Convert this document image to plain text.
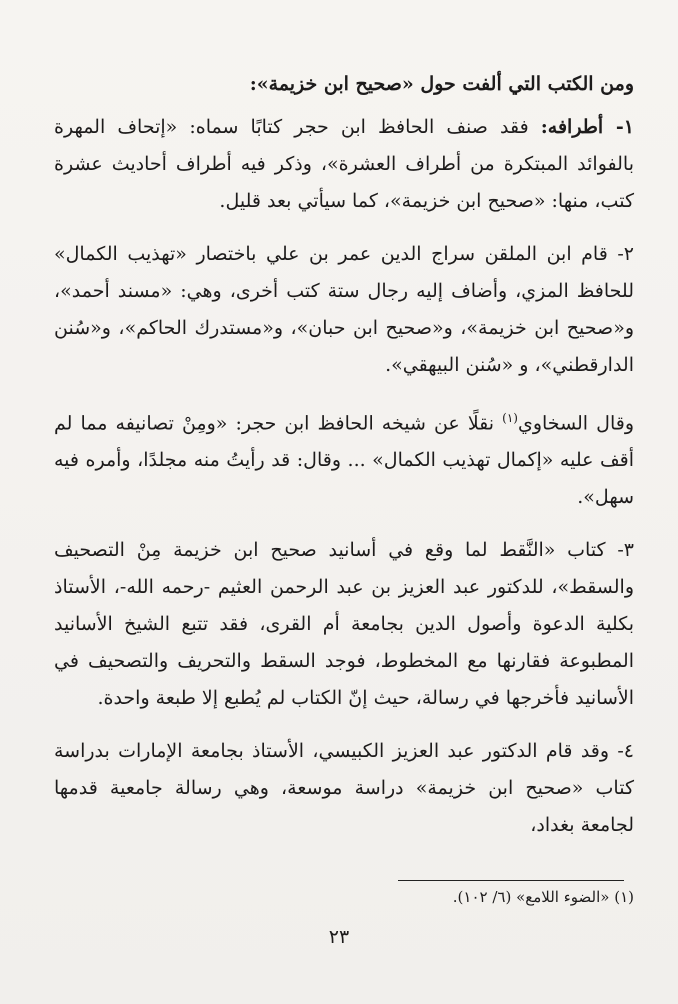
ومن الكتب التي ألفت حول «صحيح ابن خزيمة»:

١- أطرافه: فقد صنف الحافظ ابن حجر كتابًا سماه: «إتحاف المهرة بالفوائد المبتكرة من أطراف العشرة»، وذكر فيه أطراف أحاديث عشرة كتب، منها: «صحيح ابن خزيمة»، كما سيأتي بعد قليل.

٢- قام ابن الملقن سراج الدين عمر بن علي باختصار «تهذيب الكمال» للحافظ المزي، وأضاف إليه رجال ستة كتب أخرى، وهي: «مسند أحمد»، و«صحيح ابن خزيمة»، و«صحيح ابن حبان»، و«مستدرك الحاكم»، و«سُنن الدارقطني»، و «سُنن البيهقي».

وقال السخاوي$^{(١)}$ نقلًا عن شيخه الحافظ ابن حجر: «ومِنْ تصانيفه مما لم أقف عليه «إكمال تهذيب الكمال» ... وقال: قد رأيتُ منه مجلدًا، وأمره فيه سهل».

٣- كتاب «النَّقط لما وقع في أسانيد صحيح ابن خزيمة مِنْ التصحيف والسقط»، للدكتور عبد العزيز بن عبد الرحمن العثيم -رحمه الله-، الأستاذ بكلية الدعوة وأصول الدين بجامعة أم القرى، فقد تتبع الشيخ الأسانيد المطبوعة فقارنها مع المخطوط، فوجد السقط والتحريف والتصحيف في الأسانيد فأخرجها في رسالة، حيث إنّ الكتاب لم يُطبع إلا طبعة واحدة.

٤- وقد قام الدكتور عبد العزيز الكبيسي، الأستاذ بجامعة الإمارات بدراسة كتاب «صحيح ابن خزيمة» دراسة موسعة، وهي رسالة جامعية قدمها لجامعة بغداد،

(١) «الضوء اللامع» (٦/ ١٠٢).
٢٣
